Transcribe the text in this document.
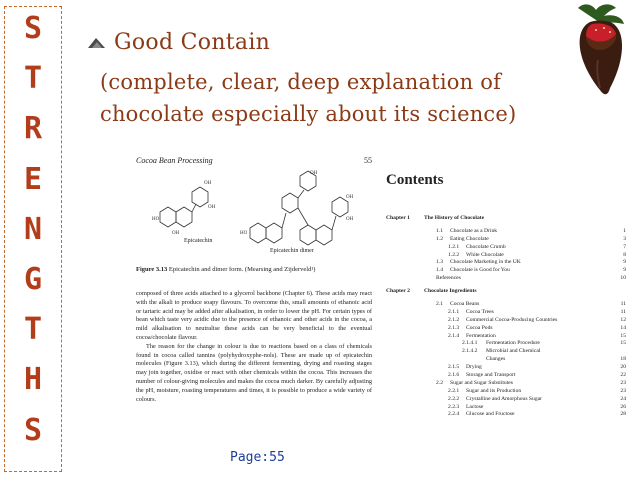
S
T
R
E
N
G
T
H
S
Good Contain
(complete, clear, deep explanation of
chocolate especially about its science)
Cocoa Bean Processing	55
HO
OH
OH
OH	HO
OH
OH
OH
Epicatechin
Epicatechin dimer
Figure 3.13 Epicatechin and dimer form. (Mearsing and Zijderveld¹)

composed of three acids attached to a glycerol backbone (Chapter 6). These acids may react with the alkali to produce soapy flavours. To overcome this, small amounts of ethanoic acid or tartaric acid may be added after alkalisation, in order to lower the pH. For certain types of bean which taste very acidic due to the presence of ethanoic and other acids in the cocoa, a mild alkalisation to neutralise these acids can be very beneficial to the eventual cocoa/chocolate flavour.

The reason for the change in colour is due to reactions based on a class of chemicals found in cocoa called tannins (polyhydroxyphe-nols). These are made up of epicatechin molecules (Figure 3.13), which during the different fermenting, drying and roasting stages may join together, oxidise or react with other chemicals within the cocoa. This increases the number of colour-giving molecules and makes the cocoa much darker. By carefully adjusting the pH, moisture, roasting temperatures and times, it is possible to produce a wide variety of colours.

Contents
Chapter 1	The History of Chocolate
1.1 Chocolate as a Drink	1
1.2 Eating Chocolate	3
1.2.1 Chocolate Crumb	7
1.2.2 White Chocolate	8
1.3 Chocolate Marketing in the UK	9
1.4 Chocolate is Good for You	9
References	10
Chapter 2	Chocolate Ingredients
2.1 Cocoa Beans	11
2.1.1 Cocoa Trees	11
2.1.2 Commercial Cocoa-Producing Countries	12
2.1.3 Cocoa Pods	14
2.1.4 Fermentation	15
2.1.4.1 Fermentation Procedure	15
2.1.4.2 Microbial and Chemical
Changes	18
2.1.5 Drying	20
2.1.6 Storage and Transport	22
2.2 Sugar and Sugar Substitutes	23
2.2.1 Sugar and its Production	23
2.2.2 Crystalline and Amorphous Sugar	24
2.2.3 Lactose	26
2.2.4 Glucose and Fructose	28
Page:55
